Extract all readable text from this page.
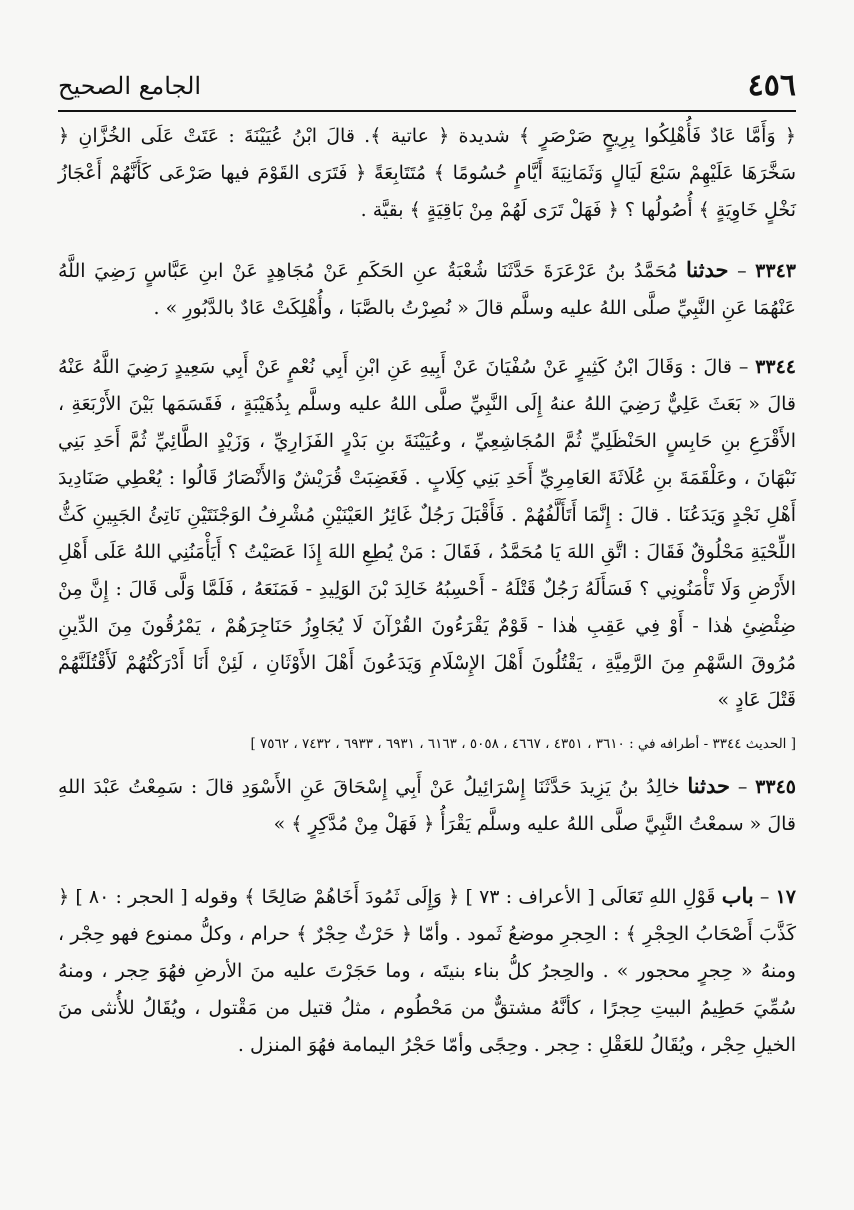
٤٥٦
الجامع الصحيح

﴿ وَأَمَّا عَادٌ فَأُهْلِكُوا بِرِيحٍ صَرْصَرٍ ﴾ شديدة ﴿ عاتية ﴾. قالَ ابْنُ عُيَيْنَةَ : عَتَتْ عَلَى الخُزَّانِ ﴿ سَخَّرَهَا عَلَيْهِمْ سَبْعَ لَيَالٍ وَثَمَانِيَةَ أَيَّامٍ حُسُومًا ﴾ مُتَتَابِعَةً ﴿ فَتَرَى القَوْمَ فيها صَرْعَى كَأَنَّهُمْ أَعْجَازُ نَخْلٍ خَاوِيَةٍ ﴾ أُصُولُها ؟ ﴿ فَهَلْ تَرَى لَهُمْ مِنْ بَاقِيَةٍ ﴾ بقيَّة .

٣٣٤٣ – حدثنا مُحَمَّدُ بنُ عَرْعَرَةَ حَدَّثَنَا شُعْبَةُ عنِ الحَكَمِ عَنْ مُجَاهِدٍ عَنْ ابنِ عَبَّاسٍ رَضِيَ اللَّهُ عَنْهُمَا عَنِ النَّبِيِّ صلَّى اللهُ عليه وسلَّم قالَ « نُصِرْتُ بالصَّبَا ، وأُهْلِكَتْ عَادٌ بالدَّبُورِ » .

٣٣٤٤ – قالَ : وَقَالَ ابْنُ كَثِيرٍ عَنْ سُفْيَانَ عَنْ أَبِيهِ عَنِ ابْنِ أَبِي نُعْمٍ عَنْ أَبِي سَعِيدٍ رَضِيَ اللَّهُ عَنْهُ قالَ « بَعَثَ عَلِيٌّ رَضِيَ اللهُ عنهُ إِلَى النَّبِيِّ صلَّى اللهُ عليه وسلَّم بِذُهَيْبَةٍ ، فَقَسَمَها بَيْنَ الأَرْبَعَةِ ، الأَقْرَعِ بنِ حَابِسٍ الحَنْظَلِيِّ ثُمَّ المُجَاشِعِيِّ ، وعُيَيْنَةَ بنِ بَدْرٍ الفَزَارِيِّ ، وَزَيْدٍ الطَّائِيِّ ثُمَّ أَحَدِ بَنِي نَبْهَانَ ، وعَلْقَمَةَ بنِ عُلَاثَةَ العَامِرِيِّ أَحَدِ بَنِي كِلَابٍ . فَغَضِبَتْ قُرَيْشٌ وَالأَنْصَارُ قَالُوا : يُعْطِي صَنَادِيدَ أَهْلِ نَجْدٍ وَيَدَعُنَا . قالَ : إِنَّمَا أَتَأَلَّفُهُمْ . فَأَقْبَلَ رَجُلٌ غَائِرُ العَيْنَيْنِ مُشْرِفُ الوَجْنَتَيْنِ نَاتِئُ الجَبِينِ كَثُّ اللِّحْيَةِ مَحْلُوقٌ فَقَالَ : اتَّقِ اللهَ يَا مُحَمَّدُ ، فَقَالَ : مَنْ يُطِعِ اللهَ إِذَا عَصَيْتُ ؟ أَيَأْمَنُنِي اللهُ عَلَى أَهْلِ الأَرْضِ وَلَا تَأْمَنُونِي ؟ فَسَأَلَهُ رَجُلٌ قَتْلَهُ - أَحْسِبُهُ خَالِدَ بْنَ الوَلِيدِ - فَمَنَعَهُ ، فَلَمَّا وَلَّى قَالَ : إِنَّ مِنْ ضِئْضِئِ هٰذا - أَوْ فِي عَقِبِ هٰذا - قَوْمٌ يَقْرَءُونَ القُرْآنَ لَا يُجَاوِزُ حَنَاجِرَهُمْ ، يَمْرُقُونَ مِنَ الدِّينِ مُرُوقَ السَّهْمِ مِنَ الرَّمِيَّةِ ، يَقْتُلُونَ أَهْلَ الإِسْلَامِ وَيَدَعُونَ أَهْلَ الأَوْثَانِ ، لَئِنْ أَنَا أَدْرَكْتُهُمْ لَأَقْتُلَنَّهُمْ قَتْلَ عَادٍ »

[ الحديث ٣٣٤٤ - أطرافه في : ٣٦١٠ ، ٤٣٥١ ، ٤٦٦٧ ، ٥٠٥٨ ، ٦١٦٣ ، ٦٩٣١ ، ٦٩٣٣ ، ٧٤٣٢ ، ٧٥٦٢ ]

٣٣٤٥ – حدثنا خالِدُ بنُ يَزِيدَ حَدَّثَنَا إِسْرَائِيلُ عَنْ أَبِي إِسْحَاقَ عَنِ الأَسْوَدِ قالَ : سَمِعْتُ عَبْدَ اللهِ قالَ « سمعْتُ النَّبِيَّ صلَّى اللهُ عليه وسلَّم يَقْرَأُ ﴿ فَهَلْ مِنْ مُدَّكِرٍ ﴾ »

١٧ – باب قَوْلِ اللهِ تَعَالَى [ الأعراف : ٧٣ ] ﴿ وَإِلَى ثَمُودَ أَخَاهُمْ صَالِحًا ﴾ وقوله [ الحجر : ٨٠ ] ﴿ كَذَّبَ أَصْحَابُ الحِجْرِ ﴾ : الحِجرِ موضعُ ثَمود . وأمّا ﴿ حَرْثٌ حِجْرٌ ﴾ حرام ، وكلُّ ممنوع فهو حِجْر ، ومنهُ « حِجرٍ محجور » . والحِجرُ كلُّ بناء بنيتَه ، وما حَجَرْتَ عليه منَ الأرضِ فهُوَ حِجر ، ومنهُ سُمِّيَ حَطِيمُ البيتِ حِجرًا ، كأنَّهُ مشتقٌّ من مَحْطُوم ، مثلُ قتيل من مَقْتول ، ويُقَالُ للأُنثى منَ الخيلِ حِجْر ، ويُقَالُ للعَقْلِ : حِجر . وحِجًى وأمّا حَجْرُ اليمامة فهُوَ المنزل .
